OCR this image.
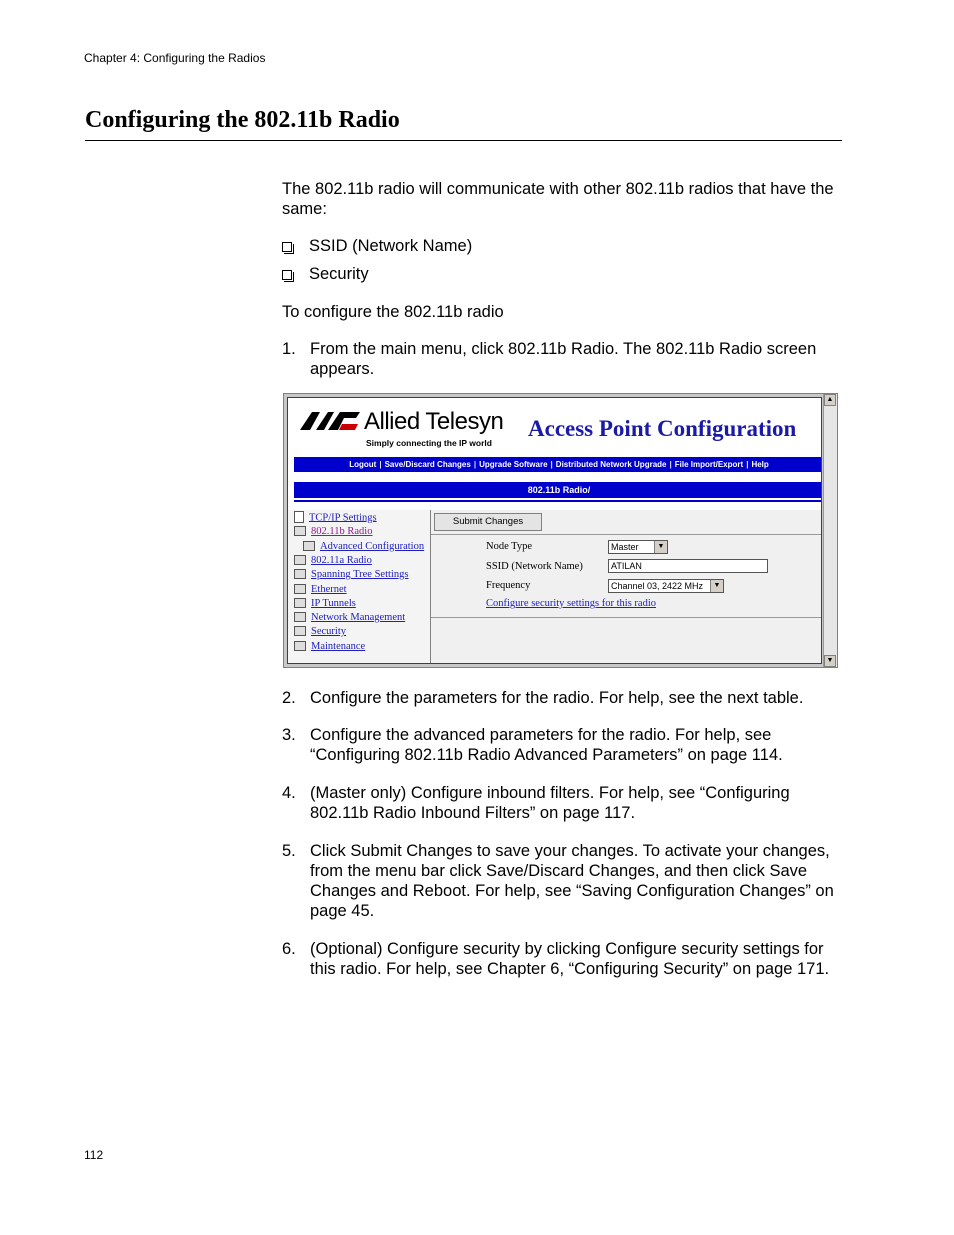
Chapter 4: Configuring the Radios
Configuring the 802.11b Radio
The 802.11b radio will communicate with other 802.11b radios that have the same:
SSID (Network Name)
Security
To configure the 802.11b radio
1. From the main menu, click 802.11b Radio. The 802.11b Radio screen appears.
Allied Telesyn
Simply connecting the IP world
Access Point Configuration
Logout | Save/Discard Changes | Upgrade Software | Distributed Network Upgrade | File Import/Export | Help
802.11b Radio/
TCP/IP Settings
802.11b Radio
Advanced Configuration
802.11a Radio
Spanning Tree Settings
Ethernet
IP Tunnels
Network Management
Security
Maintenance
Submit Changes
Node Type	Master	▼
SSID (Network Name)	ATILAN
Frequency	Channel 03, 2422 MHz	▼
Configure security settings for this radio
▲
▼
2. Configure the parameters for the radio. For help, see the next table.
3. Configure the advanced parameters for the radio. For help, see “Configuring 802.11b Radio Advanced Parameters” on page 114.
4. (Master only) Configure inbound filters. For help, see “Configuring 802.11b Radio Inbound Filters” on page 117.
5. Click Submit Changes to save your changes. To activate your changes, from the menu bar click Save/Discard Changes, and then click Save Changes and Reboot. For help, see “Saving Configuration Changes” on page 45.
6. (Optional) Configure security by clicking Configure security settings for this radio. For help, see Chapter 6, “Configuring Security” on page 171.
112
